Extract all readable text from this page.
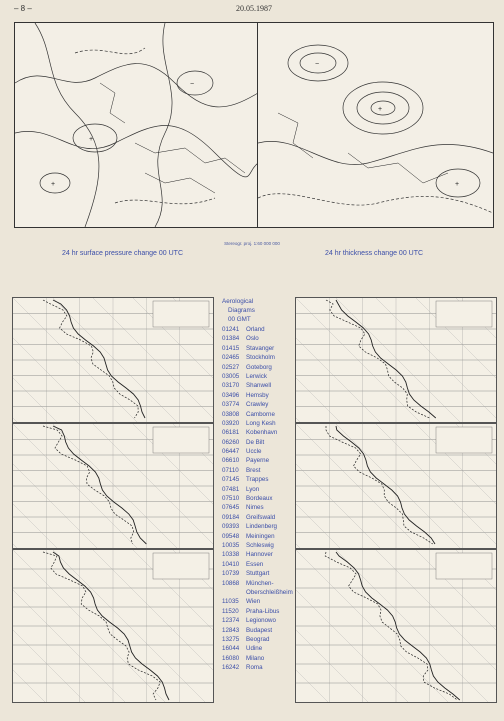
– 8 –	20.05.1987
+
−
+
+
−
+
Stereogr. proj. 1:60 000 000
24 hr surface pressure change 00 UTC	24 hr thickness change 00 UTC
Aerological
Diagrams
00 GMT
01241 Orland
01384 Oslo
01415 Stavanger
02465 Stockholm
02527 Goteborg
03005 Lerwick
03170 Shanwell
03496 Hemsby
03774 Crawley
03808 Camborne
03920 Long Kesh
06181 Kobenhavn
06260 De Bilt
06447 Uccle
06610 Payerne
07110 Brest
07145 Trappes
07481 Lyon
07510 Bordeaux
07645 Nimes
09184 Greifswald
09393 Lindenberg
09548 Meiningen
10035 Schleswig
10338 Hannover
10410 Essen
10739 Stuttgart
10868 München-
Oberschleißheim
11035 Wien
11520 Praha-Libus
12374 Legionowo
12843 Budapest
13275 Beograd
16044 Udine
16080 Milano
16242 Roma
